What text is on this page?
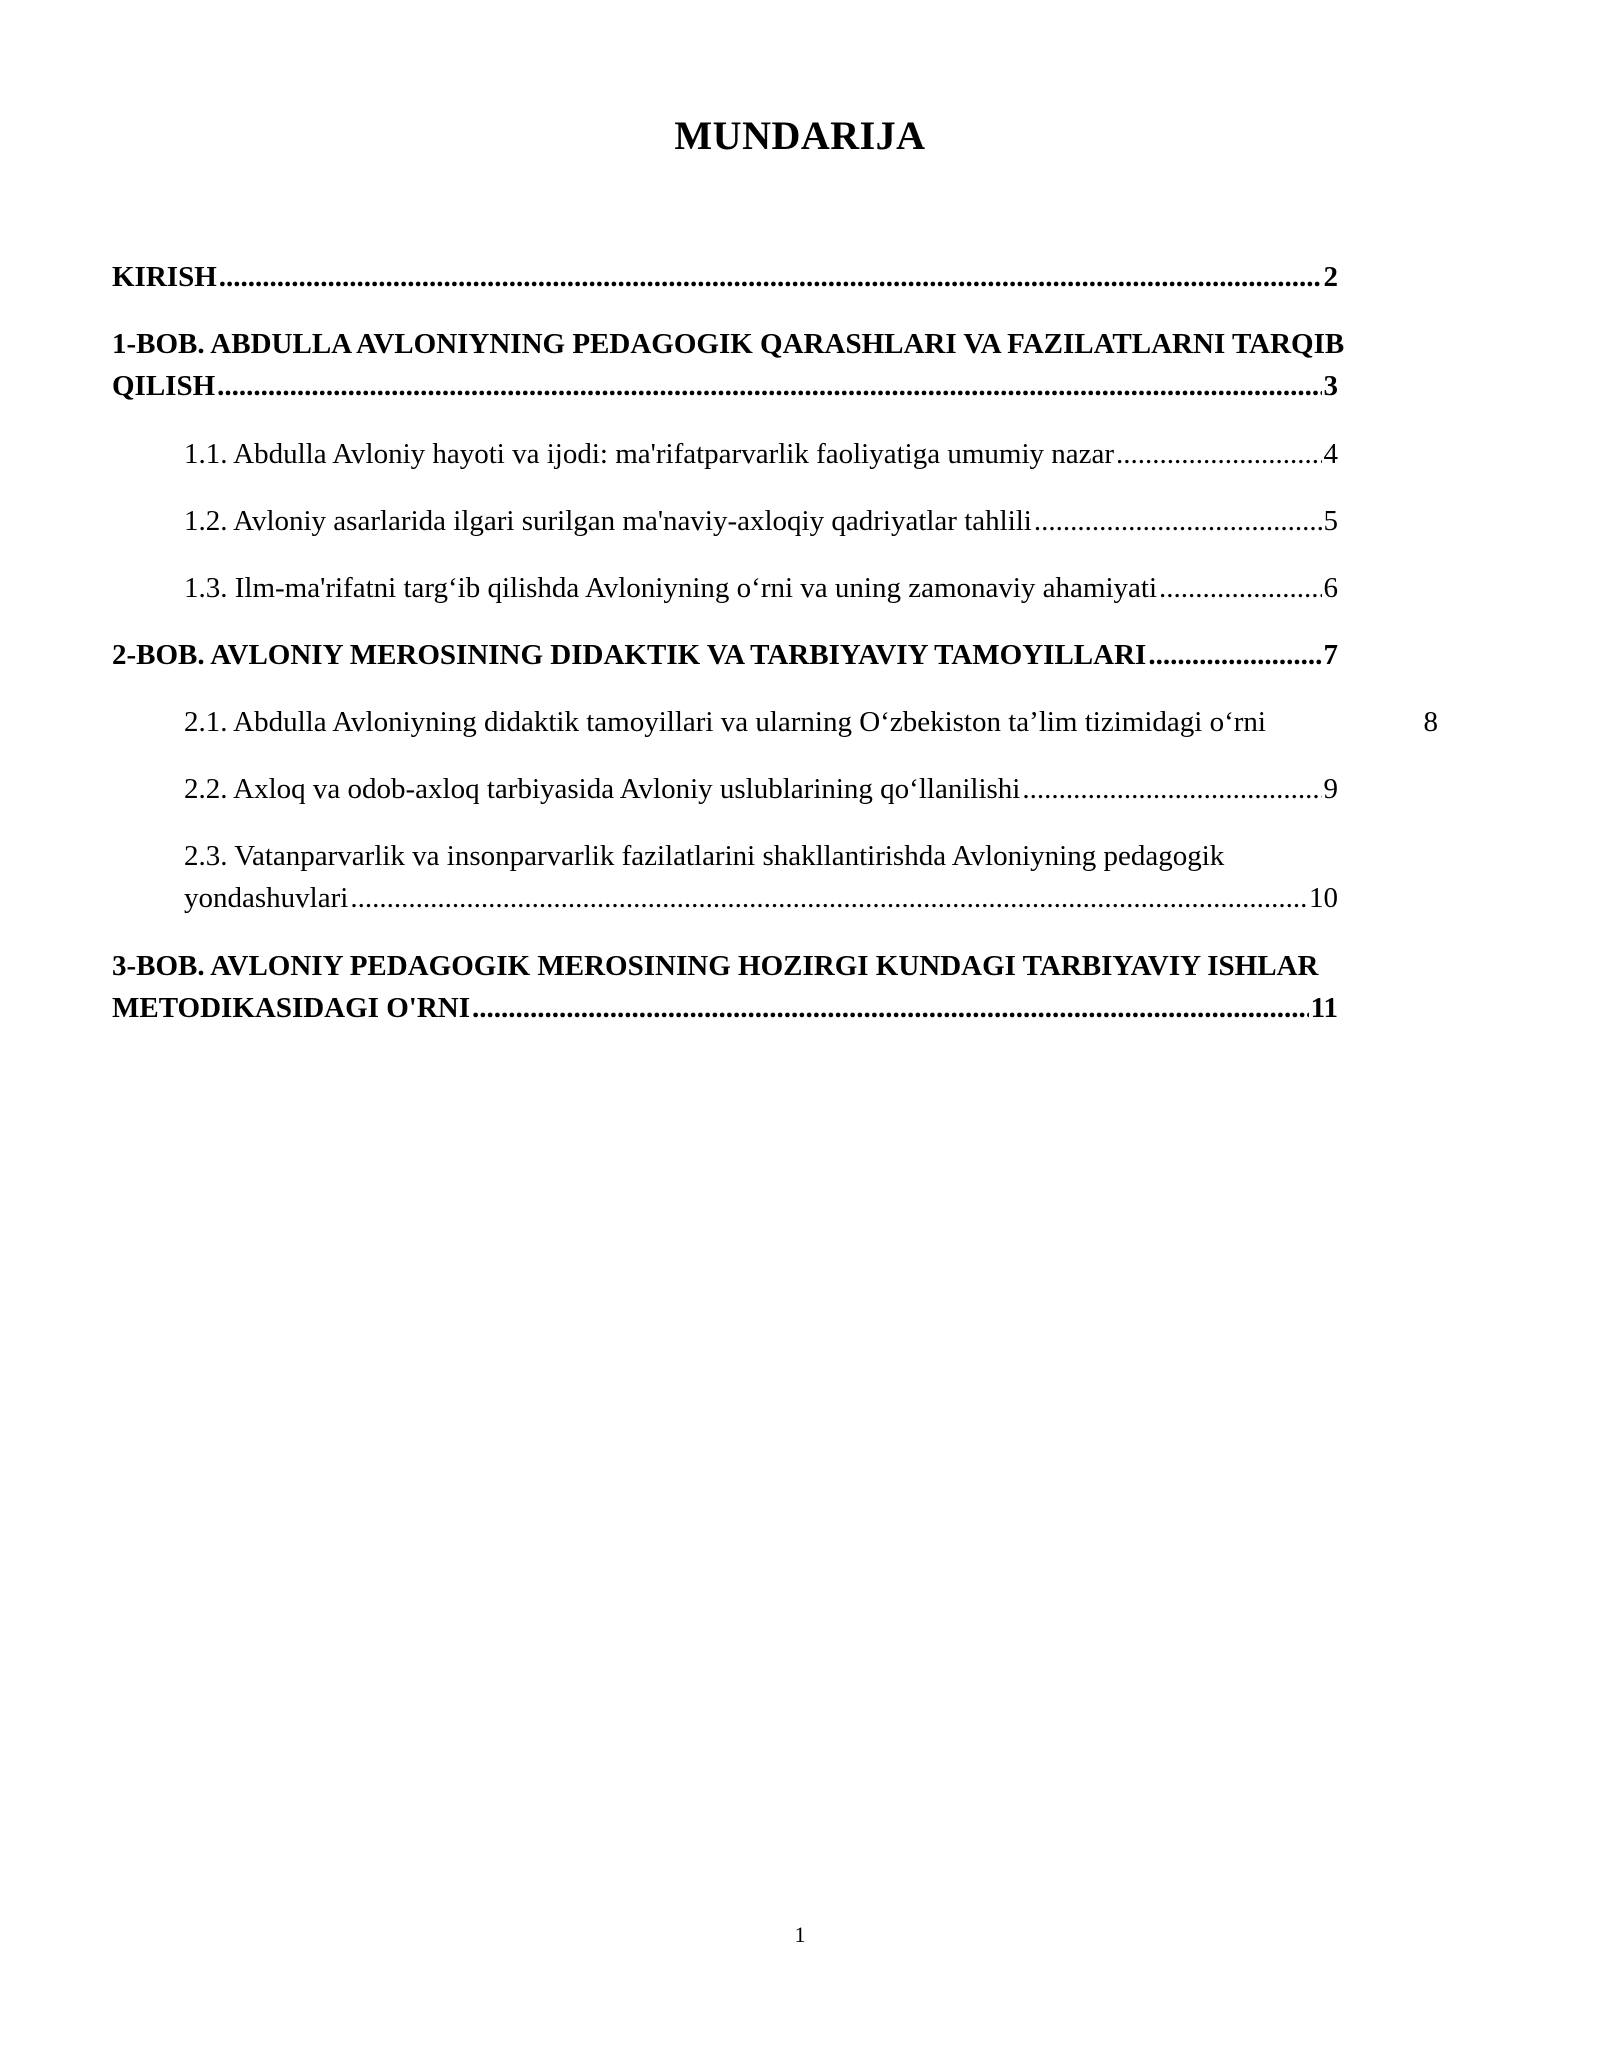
MUNDARIJA
KIRISH .....	2
1-BOB. ABDULLA AVLONIYNING PEDAGOGIK QARASHLARI VA FAZILATLARNI TARQIB
QILISH .....	3
1.1. Abdulla Avloniy hayoti va ijodi: ma'rifatparvarlik faoliyatiga umumiy nazar .....	4
1.2. Avloniy asarlarida ilgari surilgan ma'naviy-axloqiy qadriyatlar tahlili .....	5
1.3. Ilm-ma'rifatni targ‘ib qilishda Avloniyning o‘rni va uning zamonaviy ahamiyati .....	6
2-BOB. AVLONIY MEROSINING DIDAKTIK VA TARBIYAVIY TAMOYILLARI .....	7
2.1. Abdulla Avloniyning didaktik tamoyillari va ularning O‘zbekiston ta’lim tizimidagi o‘rni	8
2.2. Axloq va odob-axloq tarbiyasida Avloniy uslublarining qo‘llanilishi .....	9
2.3. Vatanparvarlik va insonparvarlik fazilatlarini shakllantirishda Avloniyning pedagogik
yondashuvlari .....	10
3-BOB. AVLONIY PEDAGOGIK MEROSINING HOZIRGI KUNDAGI TARBIYAVIY ISHLAR
METODIKASIDAGI O'RNI .....	11
1
